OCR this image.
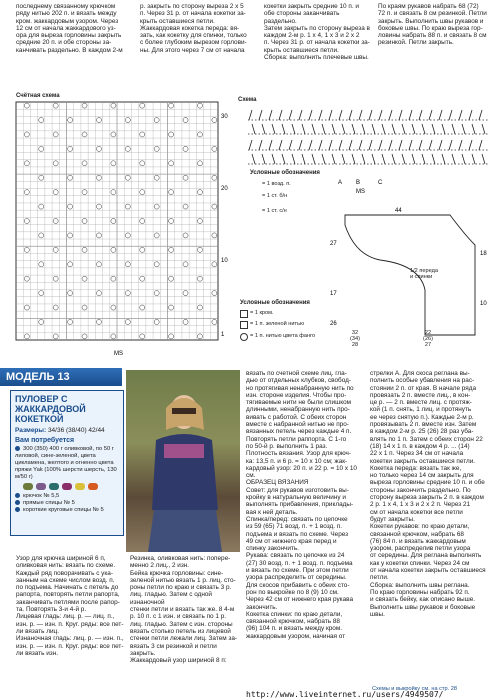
последнему связанному крючком
ряду нитью 202 п. и вязать между
кром. жаккардовым узором. Через
12 см от начала жаккардового уз-
ора для выреза горловины закрыть
средние 20 п. и обе стороны за-
канчивать раздельно. В каждом 2-м
р. закрыть по сторону выреза 2 x 5
п. Через 31 р. от начала кокетки за-
крыть оставшиеся петли.
Жаккардовая кокетка переда: вя-
зать, как кокетку для спинки, только
с более глубоким вырезом горлови-
ны. Для этого через 7 см от начала
кокетки закрыть средние 10 п. и
обе стороны заканчивать раздельно.
Затем закрыть по сторону выреза в
каждом 2-м р. 1 x 4, 1 x 3 и 2 x 2
п. Через 31 р. от начала кокетки за-
крыть оставшиеся петли.
Сборка: выполнить плечевые швы.
По краям рукавов набрать 68 (72)
72 п. и связать 8 см резинкой. Петли
закрыть. Выполнить швы рукавов и
боковые швы. По краю выреза гор-
ловины набрать 88 п. и связать 8 см
резинкой. Петли закрыть.
Счётная схема
MS
30
20
10
1
Схема
A B	C
MS
Условные обозначения
= 1 возд. п.
= 1 ст. б/н
= 1 ст. с/н	44
27
17
26
18
10
1/2 переда
и спинки
32
(34)
28
22
(26)
27
Условные обозначения
= 1 кром.
= 1 п. зеленой нитью
= 1 п. нитью цвета фанго
МОДЕЛЬ 13
ПУЛОВЕР С ЖАККАРДОВОЙ КОКЕТКОЙ
Размеры: 34/36 (38/40) 42/44
Вам потребуется
300 (350) 400 г оливковой, по 50 г лиловой, сине-зеленой, цвета цикламена, желтого и огненно цвета пряжи Yak (100% шерсти шерсть, 130 м/50 г)
крючок № 5,5
прямые спицы № 5
короткие круговые спицы № 5
Узор для крючка шириной 6 п,
оливковая нить: вязать по схеме.
Каждый ряд поворачивать с ука-
занным на схеме числом возд. п.
по подъема. Начинать с петель до
рапорта, повторять петли рапорта,
заканчивать петлями после рапор-
та. Повторять 3-и 4-й р.
Лицевая гладь: лиц. р. — лиц. п.,
изн. р. — изн. п. Круг. ряды: все пет-
ли вязать лиц.
Изнаночная гладь: лиц. р. — изн. п.,
изн. р. — изн. п. Круг. ряды: все пет-
ли вязать изн.
Резинка, оливковая нить: попере-
менно 2 лиц., 2 изн.
Бейка крючка горловины: сине-
зеленой нитью вязать 1 р. лиц. сто-
роны петли по краю и связать 3 р.
лиц. гладью. Затем с одной изнаночной
стенки петли и вязать так же. 8 4-м
р. 10 п. с 1 изн. и связать по 1 р.
лиц. гладью. Затем с изн. стороны
вязать столько петель из лицевой
стенки петли лежали лиц. Затем за-
вязать 3 см резинкой и петли закрыть.
Жаккардовый узор шириной 8 п:
вязать по счетной схеме лиц. гла-
дью от отдельных клубков, свобод-
но протягивая ненабранную нить по
изн. стороне изделия. Чтобы про-
тягиваемые нити не были слишком
длинными, ненабранную нить про-
вивать с работой. С обеих сторон
вместе с набранной нитью не про-
вязанных петель через каждые 4 п.
Повторять петли раппорта. С 1-го
по 50-й р. выполнить 1 раз.
Плотность вязания. Узор для крюч-
ка: 13,5 п. и 6 р. = 10 х 10 см; жак-
кардовый узор: 20 п. и 22 р. = 10 х 10 см.
ОБРАЗЕЦ ВЯЗАНИЯ
Совет: для рукавов изготовить вы-
кройку в натуральную величину и
выполнять прибавления, приклады-
вая к ней деталь.
Спинка/перед: связать по цепочке
из 59 (65) 71 возд. п. + 1 возд. п.
подъема и вязать по схеме. Через
49 см от нижнего края перед и
спинку закончить.
Рукава: связать по цепочке из 24
(27) 30 возд. п. + 1 возд. п. подъема
и вязать по схеме. При этом петли
узора распределить от середины.
Для скосов прибавить с обеих сто-
рон по выкройке по 8 (9) 10 см.
Через 42 см от нижнего края рукава
закончить.
Кокетка спинки: по краю детали,
связанной крючком, набрать 88
(96) 104 п. и вязать между кром.
жаккардовым узором, начиная от
стрелки А. Для скоса реглана вы-
полнить особые убавления на рас-
стоянии 2 п. от края. В начале ряда
провязать 2 п. вместе лиц., в кон-
це р. — 2 п. вместе лиц. с протяж-
кой (1 п. снять, 1 лиц. и протянуть
ее через снятую п.). Каждые 2-м р.
провязывать 2 п. вместе изн. Затем
в каждом 2-м р. 25 (26) 28 раз уба-
влять по 1 п. Затем с обеих сторон 22
(18) 14 х 1 п. в каждом 4 р. ... (14)
22 х 1 п. Через 34 см от начала
кокетки закрыть оставшиеся петли.
Кокетка переда: вязать так же,
но только через 14 см закрыть для
выреза горловины средние 10 п. и обе
стороны закончить раздельно. По
сторону выреза закрыть 2 п. в каждом
2 р. 1 х 4, 1 х 3 и 2 х 2 п. Через 21
см от начала кокетки все петли
будут закрыты.
Кокетки рукавов: по краю детали,
связанной крючком, набрать 68
(76) 84 п. и вязать жаккардовым
узором, распределив петли узора
от середины. Для реглана выполнять
как у кокетки спинки. Через 24 см
от начала кокетки закрыть оставшиеся
петли.
Сборка: выполнить швы реглана.
По краю горловины набрать 92 п.
и связать бейку, как описано выше.
Выполнить швы рукавов и боковые
швы.
Схемы и выкройку см. на стр. 28
http://www.liveinternet.ru/users/4949507/
